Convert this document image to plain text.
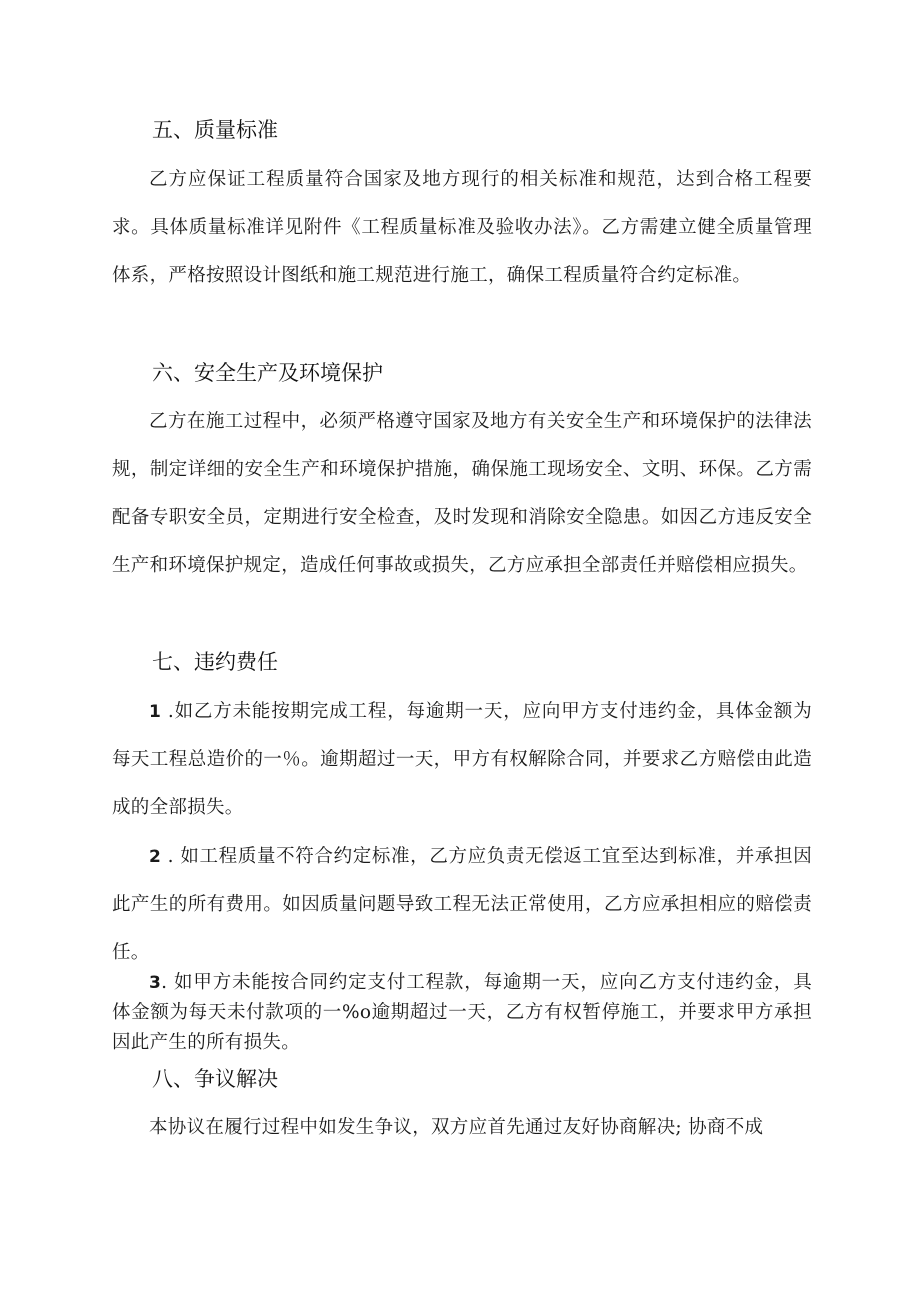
五、质量标准

乙方应保证工程质量符合国家及地方现行的相关标准和规范，达到合格工程要求。具体质量标准详见附件《工程质量标准及验收办法》。乙方需建立健全质量管理体系，严格按照设计图纸和施工规范进行施工，确保工程质量符合约定标准。

六、安全生产及环境保护

乙方在施工过程中，必须严格遵守国家及地方有关安全生产和环境保护的法律法规，制定详细的安全生产和环境保护措施，确保施工现场安全、文明、环保。乙方需配备专职安全员，定期进行安全检查，及时发现和消除安全隐患。如因乙方违反安全生产和环境保护规定，造成任何事故或损失，乙方应承担全部责任并赔偿相应损失。

七、违约费任

1 .如乙方未能按期完成工程，每逾期一天，应向甲方支付违约金，具体金额为每天工程总造价的一％。逾期超过一天，甲方有权解除合同，并要求乙方赔偿由此造成的全部损失。

2 . 如工程质量不符合约定标准，乙方应负责无偿返工宜至达到标准，并承担因此产生的所有费用。如因质量问题导致工程无法正常使用，乙方应承担相应的赔偿责任。

3. 如甲方未能按合同约定支付工程款，每逾期一天，应向乙方支付违约金，具体金额为每天未付款项的一%o逾期超过一天，乙方有权暂停施工，并要求甲方承担因此产生的所有损失。

八、争议解决

本协议在履行过程中如发生争议，双方应首先通过友好协商解决; 协商不成
